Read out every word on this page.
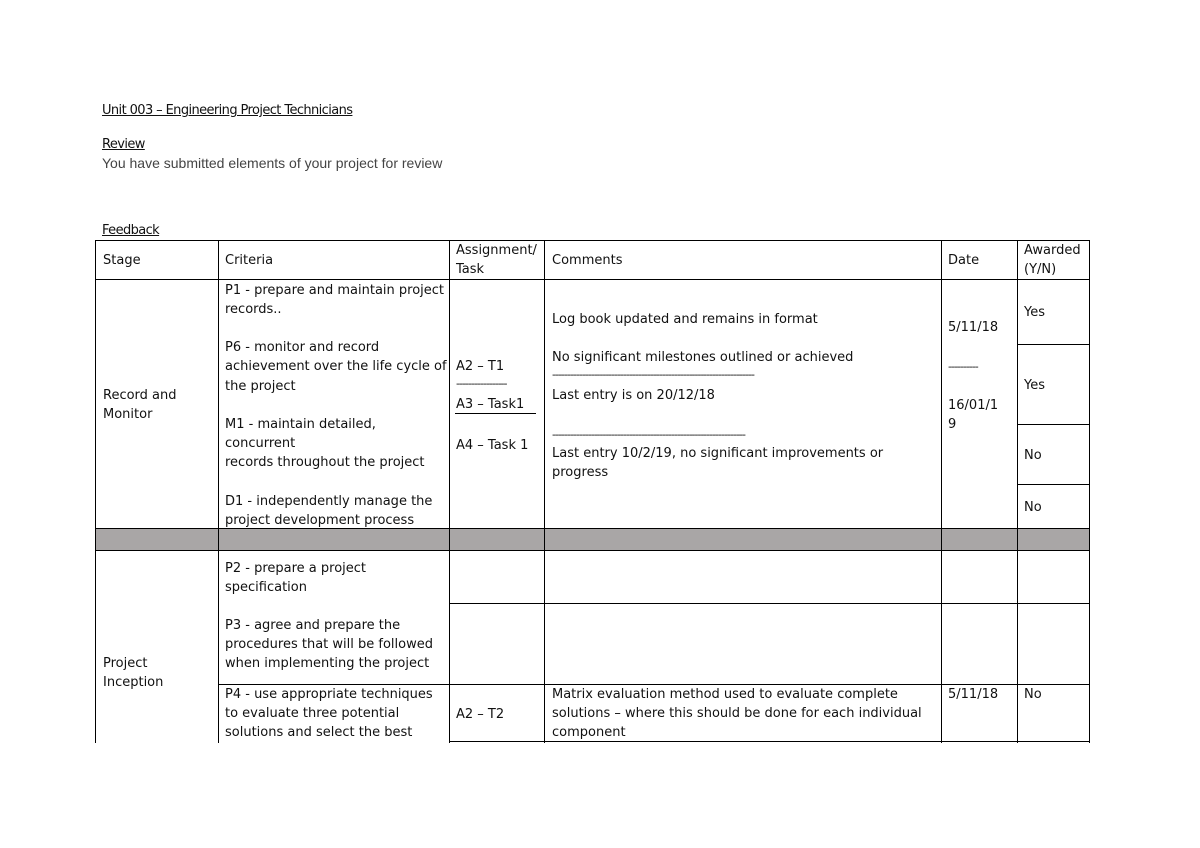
Unit 003 – Engineering Project Technicians
Review
You have submitted elements of your project for review
Feedback
Stage	Criteria
Assignment/
Task
Comments	Date
Awarded
(Y/N)
Record and
Monitor
P1 - prepare and maintain project
records..
P6 - monitor and record
achievement over the life cycle of
the project
M1 - maintain detailed,
concurrent
records throughout the project
D1 - independently manage the
project development process
A2 – T1
-----------------
A3 – Task1
A4 – Task 1
Log book updated and remains in format
No significant milestones outlined or achieved
--------------------------------------------------------------------
Last entry is on 20/12/18
-----------------------------------------------------------------
Last entry 10/2/19, no significant improvements or
progress
5/11/18
----------
16/01/1
9
Yes
Yes
No
No
Project
Inception
P2 - prepare a project
specification
P3 - agree and prepare the
procedures that will be followed
when implementing the project
P4 - use appropriate techniques
to evaluate three potential
solutions and select the best
A2 – T2
Matrix evaluation method used to evaluate complete
solutions – where this should be done for each individual
component
5/11/18 No
